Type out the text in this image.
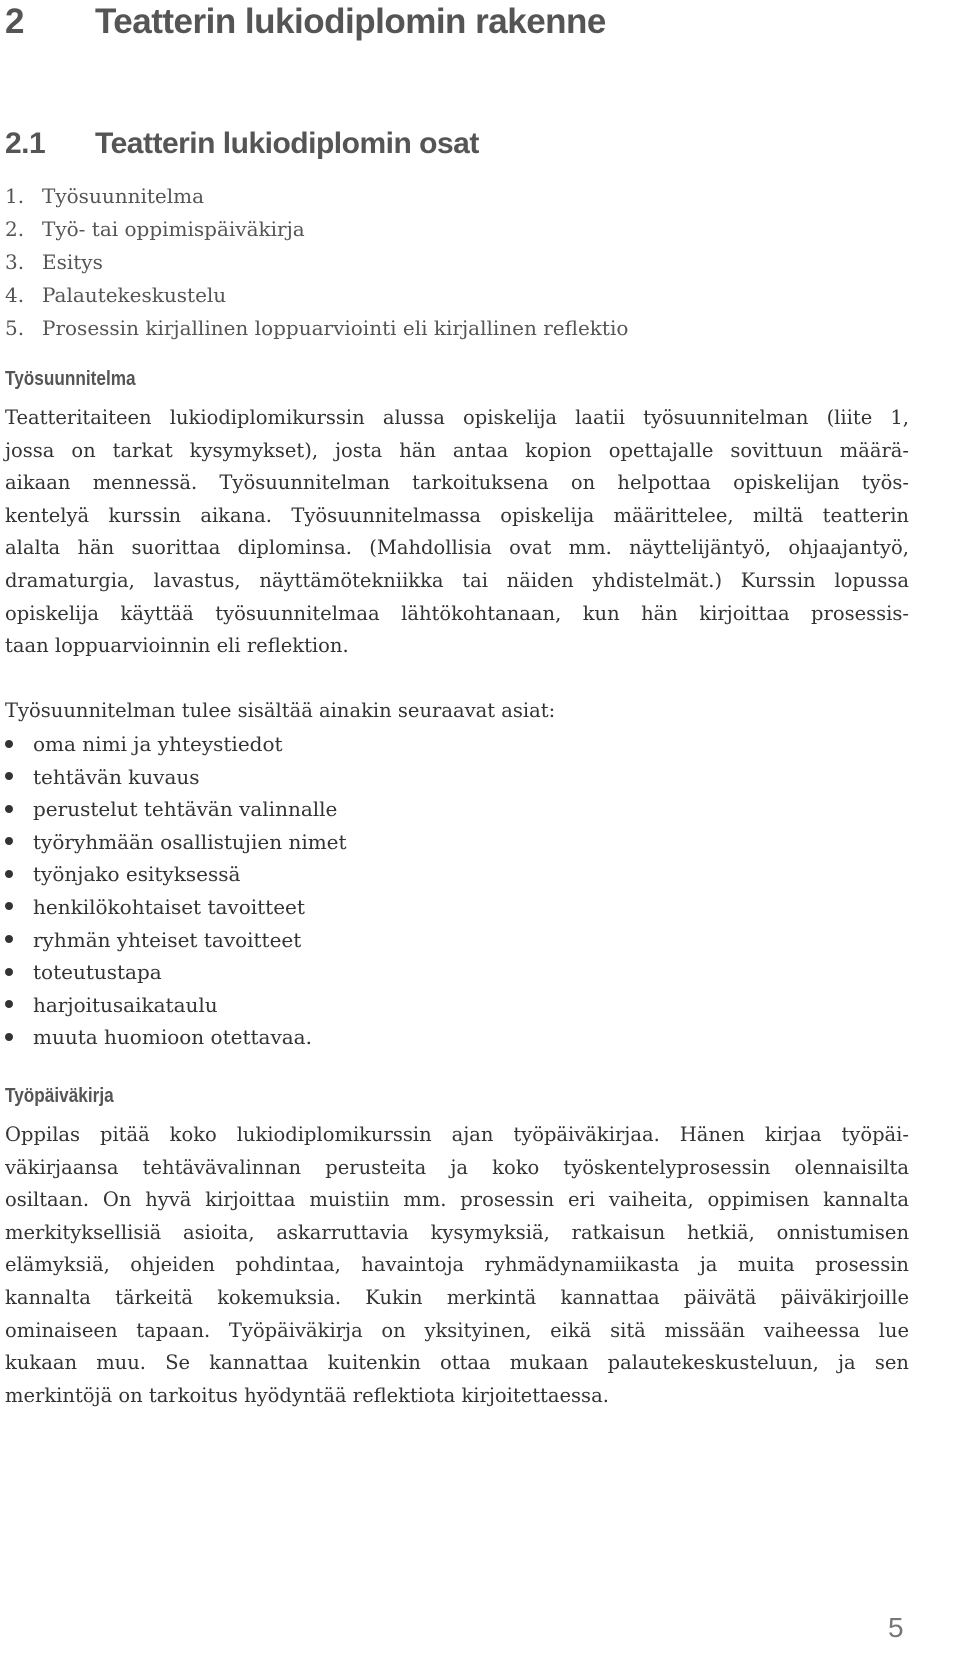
2 Teatterin lukiodiplomin rakenne
2.1 Teatterin lukiodiplomin osat
1. Työsuunnitelma
2. Työ- tai oppimispäiväkirja
3. Esitys
4. Palautekeskustelu
5. Prosessin kirjallinen loppuarviointi eli kirjallinen reflektio
Työsuunnitelma

Teatteritaiteen lukiodiplomikurssin alussa opiskelija laatii työsuunnitelman (liite 1,
jossa on tarkat kysymykset), josta hän antaa kopion opettajalle sovittuun määrä-
aikaan mennessä. Työsuunnitelman tarkoituksena on helpottaa opiskelijan työs-
kentelyä kurssin aikana. Työsuunnitelmassa opiskelija määrittelee, miltä teatterin
alalta hän suorittaa diplominsa. (Mahdollisia ovat mm. näyttelijäntyö, ohjaajantyö,
dramaturgia, lavastus, näyttämötekniikka tai näiden yhdistelmät.) Kurssin lopussa
opiskelija käyttää työsuunnitelmaa lähtökohtanaan, kun hän kirjoittaa prosessis-
taan loppuarvioinnin eli reflektion.

Työsuunnitelman tulee sisältää ainakin seuraavat asiat:

oma nimi ja yhteystiedot
tehtävän kuvaus
perustelut tehtävän valinnalle
työryhmään osallistujien nimet
työnjako esityksessä
henkilökohtaiset tavoitteet
ryhmän yhteiset tavoitteet
toteutustapa
harjoitusaikataulu
muuta huomioon otettavaa.
Työpäiväkirja

Oppilas pitää koko lukiodiplomikurssin ajan työpäiväkirjaa. Hänen kirjaa työpäi-
väkirjaansa tehtävävalinnan perusteita ja koko työskentelyprosessin olennaisilta
osiltaan. On hyvä kirjoittaa muistiin mm. prosessin eri vaiheita, oppimisen kannalta
merkityksellisiä asioita, askarruttavia kysymyksiä, ratkaisun hetkiä, onnistumisen
elämyksiä, ohjeiden pohdintaa, havaintoja ryhmädynamiikasta ja muita prosessin
kannalta tärkeitä kokemuksia. Kukin merkintä kannattaa päivätä päiväkirjoille
ominaiseen tapaan. Työpäiväkirja on yksityinen, eikä sitä missään vaiheessa lue
kukaan muu. Se kannattaa kuitenkin ottaa mukaan palautekeskusteluun, ja sen
merkintöjä on tarkoitus hyödyntää reflektiota kirjoitettaessa.

5
